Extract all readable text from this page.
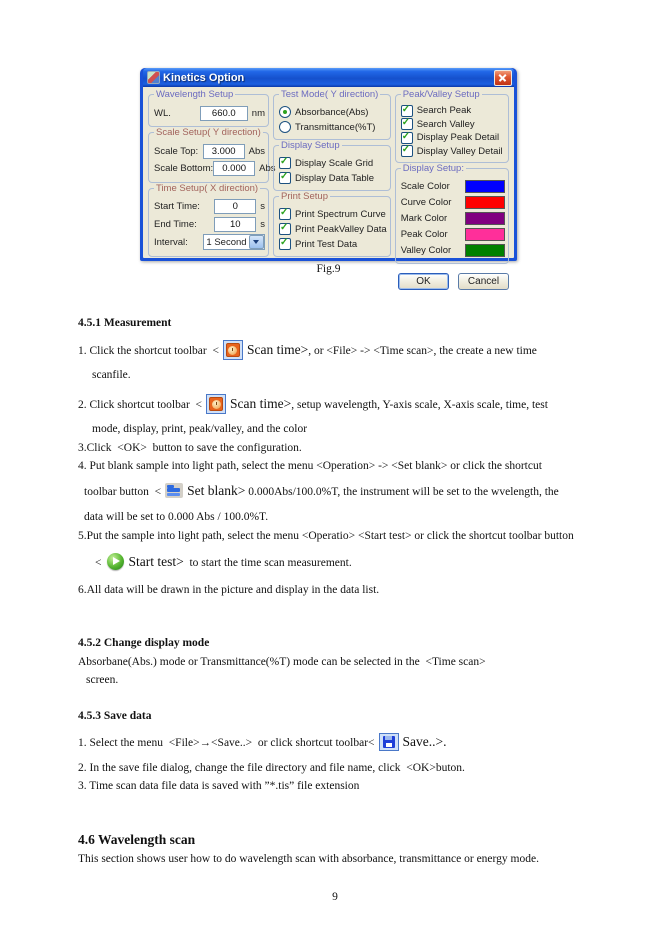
Kinetics Option
Wavelength Setup
WL.
660.0	nm
Scale Setup( Y direction)
Scale Top:
3.000	Abs
Scale Bottom:
0.000	Abs
Time Setup( X direction)
Start Time:
0	s
End Time:
10	s
Interval: 1 Second
Test Mode( Y direction)
Absorbance(Abs)
Transmittance(%T)
Display Setup
✓
Display Scale Grid
✓
Display Data Table
Print Setup
✓
Print Spectrum Curve
✓
Print PeakValley Data
✓
Print Test Data
Peak/Valley Setup
✓
Search Peak
✓
Search Valley
✓
Display Peak Detail
✓
Display Valley Detail
Display Setup:
Scale Color
Curve Color
Mark Color
Peak Color
Valley Color
OK	Cancel
Fig.9
4.5.1 Measurement
1. Click the shortcut toolbar  < Scan time>, or <File> -> <Time scan>, the create a new time
scanfile.
2. Click shortcut toolbar  < Scan time>, setup wavelength, Y-axis scale, X-axis scale, time, test
mode, display, print, peak/valley, and the color
3.Click  <OK>  button to save the configuration.
4. Put blank sample into light path, select the menu <Operation> -> <Set blank> or click the shortcut
toolbar button  < Set blank> 0.000Abs/100.0%T, the instrument will be set to the wvelength, the
data will be set to 0.000 Abs / 100.0%T.
5.Put the sample into light path, select the menu <Operatio> <Start test> or click the shortcut toolbar button
< Start test>  to start the time scan measurement.
6.All data will be drawn in the picture and display in the data list.
4.5.2 Change display mode
Absorbane(Abs.) mode or Transmittance(%T) mode can be selected in the  <Time scan>
screen.
4.5.3 Save data
1. Select the menu  <File>→<Save..>  or click shortcut toolbar< Save..>.
2. In the save file dialog, change the file directory and file name, click  <OK>buton.
3. Time scan data file data is saved with ”*.tis” file extension
4.6 Wavelength scan
This section shows user how to do wavelength scan with absorbance, transmittance or energy mode.
9
